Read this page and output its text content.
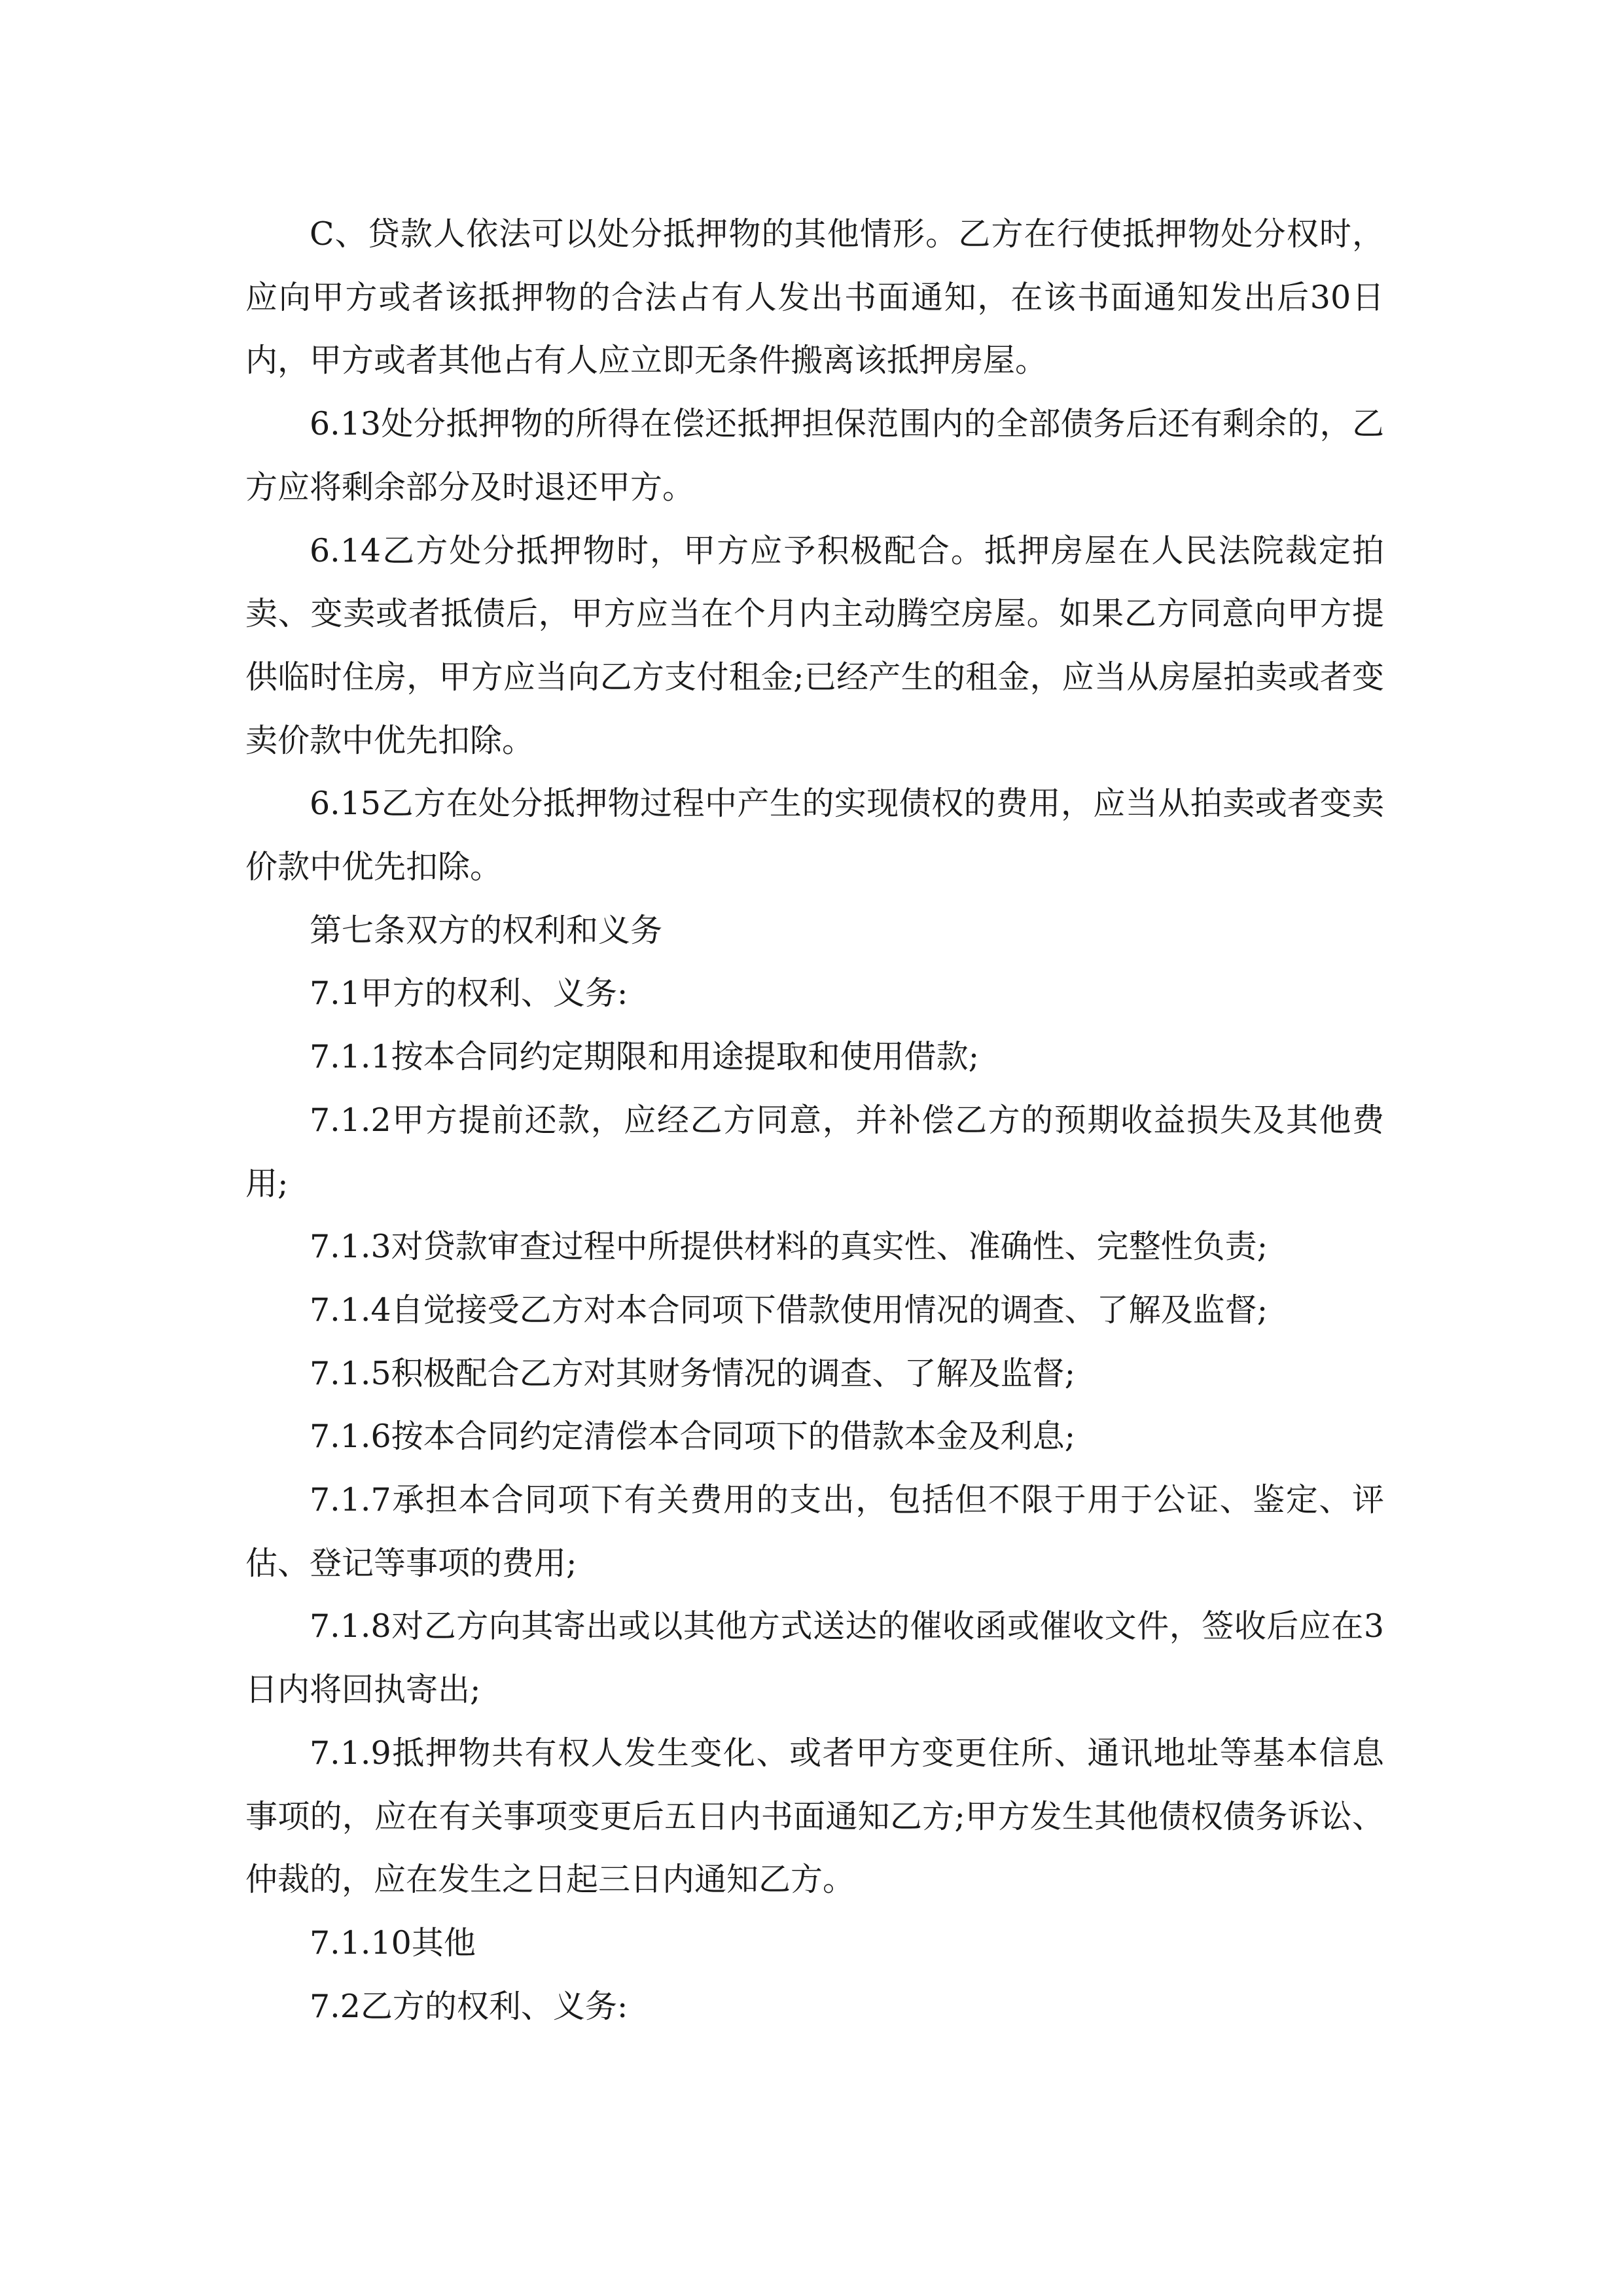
C、贷款人依法可以处分抵押物的其他情形。乙方在行使抵押物处分权时，应向甲方或者该抵押物的合法占有人发出书面通知，在该书面通知发出后30日内，甲方或者其他占有人应立即无条件搬离该抵押房屋。

6.13处分抵押物的所得在偿还抵押担保范围内的全部债务后还有剩余的，乙方应将剩余部分及时退还甲方。

6.14乙方处分抵押物时，甲方应予积极配合。抵押房屋在人民法院裁定拍卖、变卖或者抵债后，甲方应当在个月内主动腾空房屋。如果乙方同意向甲方提供临时住房，甲方应当向乙方支付租金;已经产生的租金，应当从房屋拍卖或者变卖价款中优先扣除。

6.15乙方在处分抵押物过程中产生的实现债权的费用，应当从拍卖或者变卖价款中优先扣除。

第七条双方的权利和义务

7.1甲方的权利、义务:

7.1.1按本合同约定期限和用途提取和使用借款;

7.1.2甲方提前还款，应经乙方同意，并补偿乙方的预期收益损失及其他费用;

7.1.3对贷款审查过程中所提供材料的真实性、准确性、完整性负责;

7.1.4自觉接受乙方对本合同项下借款使用情况的调查、了解及监督;

7.1.5积极配合乙方对其财务情况的调查、了解及监督;

7.1.6按本合同约定清偿本合同项下的借款本金及利息;

7.1.7承担本合同项下有关费用的支出，包括但不限于用于公证、鉴定、评估、登记等事项的费用;

7.1.8对乙方向其寄出或以其他方式送达的催收函或催收文件，签收后应在3日内将回执寄出;

7.1.9抵押物共有权人发生变化、或者甲方变更住所、通讯地址等基本信息事项的，应在有关事项变更后五日内书面通知乙方;甲方发生其他债权债务诉讼、仲裁的，应在发生之日起三日内通知乙方。

7.1.10其他

7.2乙方的权利、义务:
